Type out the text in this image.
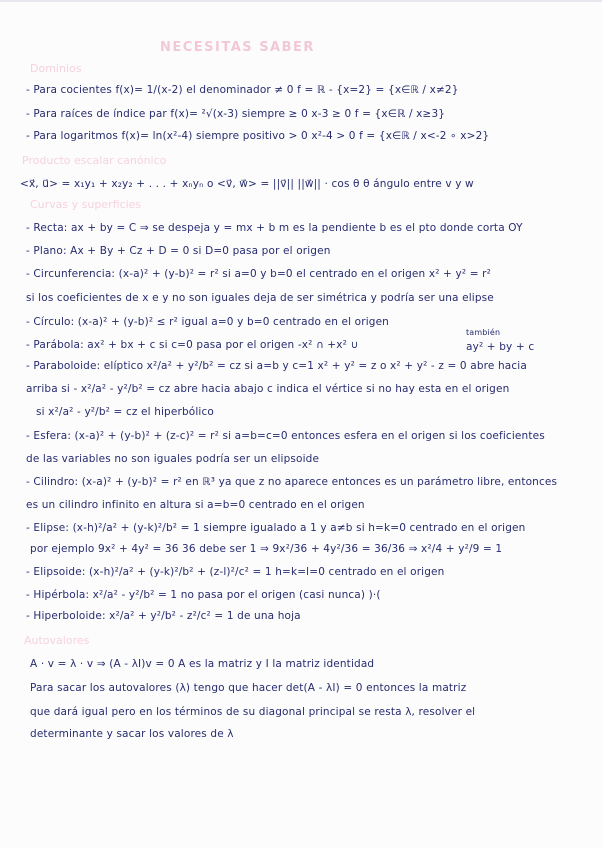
NECESITAS SABER
Dominios
- Para cocientes f(x)= 1/(x-2) el denominador ≠ 0 f = ℝ - {x=2} = {x∈ℝ / x≠2}
- Para raíces de índice par f(x)= ²√(x-3) siempre ≥ 0 x-3 ≥ 0 f = {x∈ℝ / x≥3}
- Para logaritmos f(x)= ln(x²-4) siempre positivo > 0 x²-4 > 0 f = {x∈ℝ / x<-2 ∘ x>2}
Producto escalar canónico
<x⃗, u⃗> = x₁y₁ + x₂y₂ + . . . + xₙyₙ o <v⃗, w⃗> = ||v⃗|| ||w⃗|| · cos θ θ ángulo entre v y w
Curvas y superficies
- Recta: ax + by = C ⇒ se despeja y = mx + b m es la pendiente b es el pto donde corta OY
- Plano: Ax + By + Cz + D = 0 si D=0 pasa por el origen
- Circunferencia: (x-a)² + (y-b)² = r² si a=0 y b=0 el centrado en el origen x² + y² = r²
si los coeficientes de x e y no son iguales deja de ser simétrica y podría ser una elipse
- Círculo: (x-a)² + (y-b)² ≤ r² igual a=0 y b=0 centrado en el origen
también
- Parábola: ax² + bx + c si c=0 pasa por el origen -x² ∩ +x² ∪	ay² + by + c
- Paraboloide: elíptico x²/a² + y²/b² = cz si a=b y c=1 x² + y² = z o x² + y² - z = 0 abre hacia
arriba si - x²/a² - y²/b² = cz abre hacia abajo c indica el vértice si no hay esta en el origen
si x²/a² - y²/b² = cz el hiperbólico
- Esfera: (x-a)² + (y-b)² + (z-c)² = r² si a=b=c=0 entonces esfera en el origen si los coeficientes
de las variables no son iguales podría ser un elipsoide
- Cilindro: (x-a)² + (y-b)² = r² en ℝ³ ya que z no aparece entonces es un parámetro libre, entonces
es un cilindro infinito en altura si a=b=0 centrado en el origen
- Elipse: (x-h)²/a² + (y-k)²/b² = 1 siempre igualado a 1 y a≠b si h=k=0 centrado en el origen
por ejemplo 9x² + 4y² = 36 36 debe ser 1 ⇒ 9x²/36 + 4y²/36 = 36/36 ⇒ x²/4 + y²/9 = 1
- Elipsoide: (x-h)²/a² + (y-k)²/b² + (z-l)²/c² = 1 h=k=l=0 centrado en el origen
- Hipérbola: x²/a² - y²/b² = 1 no pasa por el origen (casi nunca) )·(
- Hiperboloide: x²/a² + y²/b² - z²/c² = 1 de una hoja
Autovalores
A · v = λ · v ⇒ (A - λI)v = 0 A es la matriz y I la matriz identidad
Para sacar los autovalores (λ) tengo que hacer det(A - λI) = 0 entonces la matriz
que dará igual pero en los términos de su diagonal principal se resta λ, resolver el
determinante y sacar los valores de λ
